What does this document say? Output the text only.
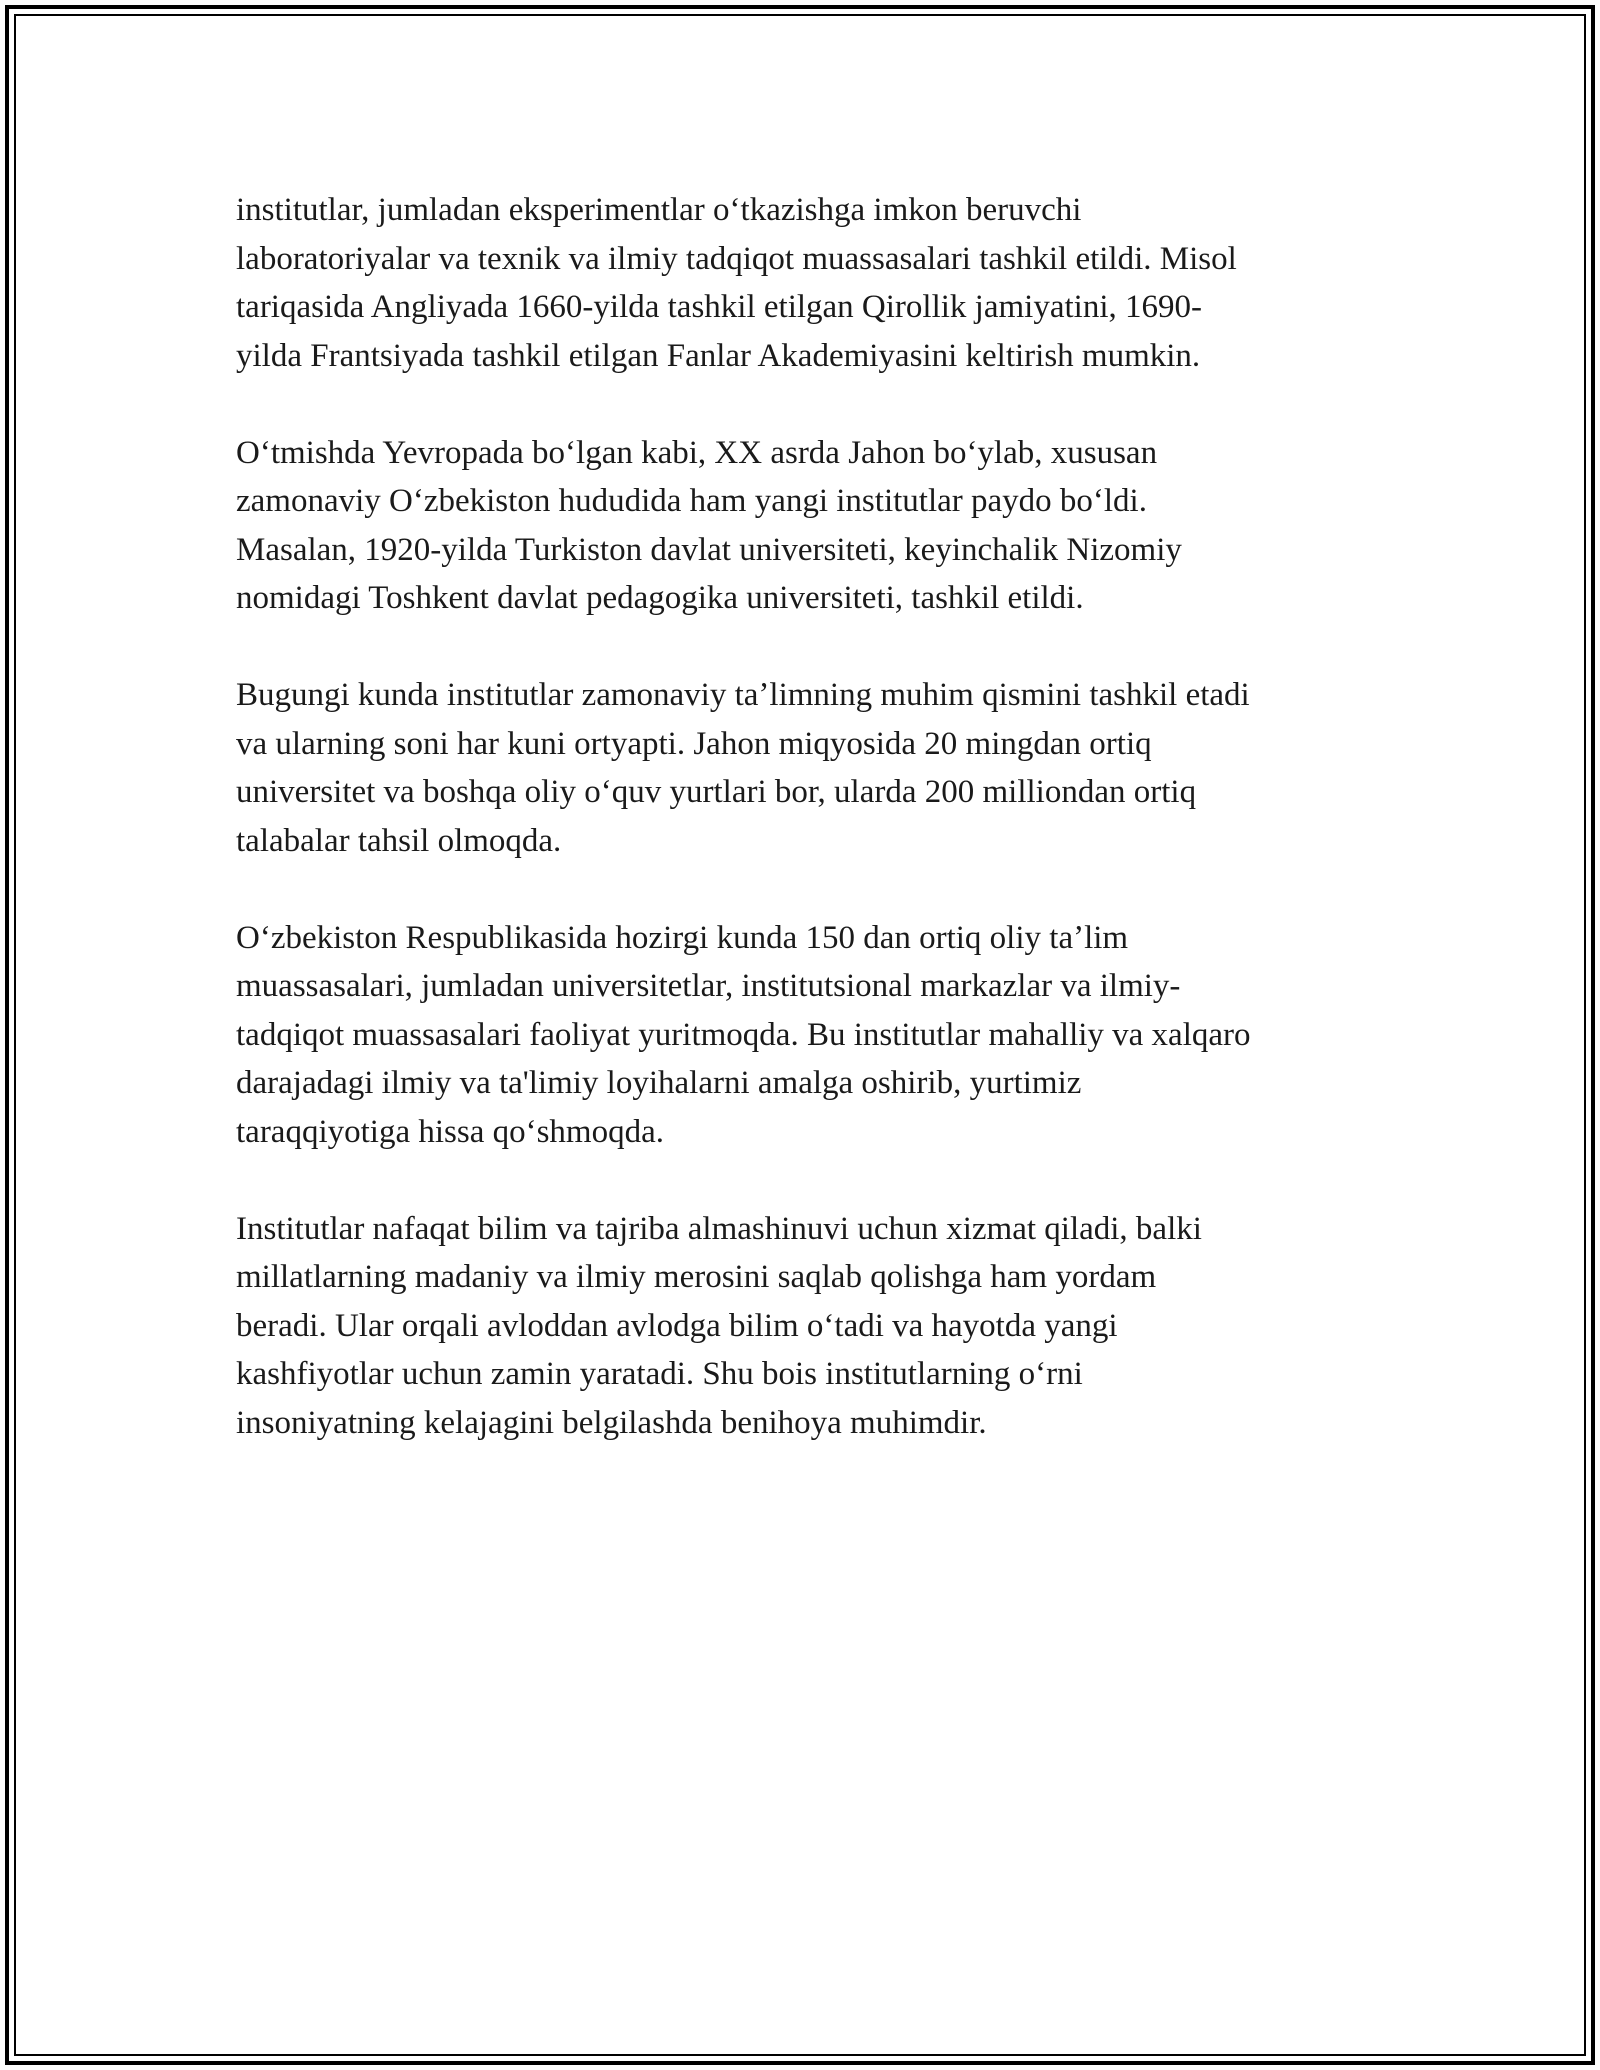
institutlar, jumladan eksperimentlar oʻtkazishga imkon beruvchi
laboratoriyalar va texnik va ilmiy tadqiqot muassasalari tashkil etildi. Misol
tariqasida Angliyada 1660-yilda tashkil etilgan Qirollik jamiyatini, 1690-
yilda Frantsiyada tashkil etilgan Fanlar Akademiyasini keltirish mumkin.

Oʻtmishda Yevropada boʻlgan kabi, XX asrda Jahon boʻylab, xususan
zamonaviy Oʻzbekiston hududida ham yangi institutlar paydo boʻldi.
Masalan, 1920-yilda Turkiston davlat universiteti, keyinchalik Nizomiy
nomidagi Toshkent davlat pedagogika universiteti, tashkil etildi.

Bugungi kunda institutlar zamonaviy taʼlimning muhim qismini tashkil etadi
va ularning soni har kuni ortyapti. Jahon miqyosida 20 mingdan ortiq
universitet va boshqa oliy oʻquv yurtlari bor, ularda 200 milliondan ortiq
talabalar tahsil olmoqda.

Oʻzbekiston Respublikasida hozirgi kunda 150 dan ortiq oliy taʼlim
muassasalari, jumladan universitetlar, institutsional markazlar va ilmiy-
tadqiqot muassasalari faoliyat yuritmoqda. Bu institutlar mahalliy va xalqaro
darajadagi ilmiy va ta'limiy loyihalarni amalga oshirib, yurtimiz
taraqqiyotiga hissa qoʻshmoqda.

Institutlar nafaqat bilim va tajriba almashinuvi uchun xizmat qiladi, balki
millatlarning madaniy va ilmiy merosini saqlab qolishga ham yordam
beradi. Ular orqali avloddan avlodga bilim oʻtadi va hayotda yangi
kashfiyotlar uchun zamin yaratadi. Shu bois institutlarning oʻrni
insoniyatning kelajagini belgilashda benihoya muhimdir.
